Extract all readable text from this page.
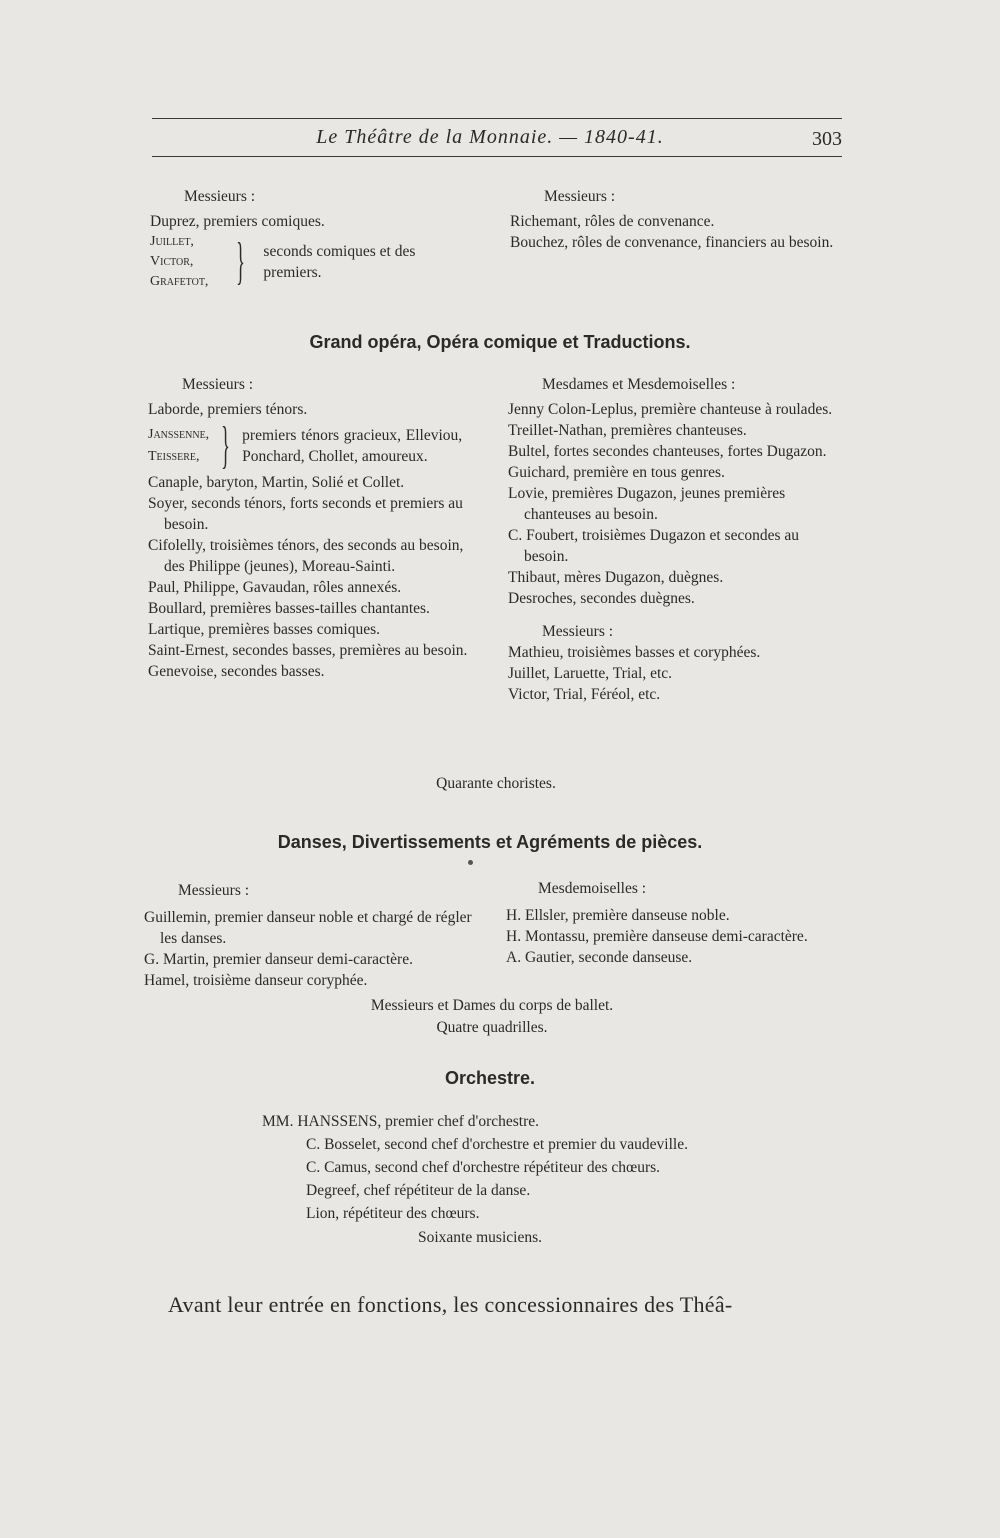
Le Théâtre de la Monnaie. — 1840-41.	303

Messieurs :

Duprez, premiers comiques.

Juillet,
Victor,
Grafetot, }	seconds comiques et des premiers.

Messieurs :

Richemant, rôles de convenance.

Bouchez, rôles de convenance, financiers au besoin.

Grand opéra, Opéra comique et Traductions.

Messieurs :

Laborde, premiers ténors.

Janssenne,
Teissere, } premiers ténors gracieux, Elleviou, Ponchard, Chollet, amoureux.

Canaple, baryton, Martin, Solié et Collet.

Soyer, seconds ténors, forts seconds et premiers au besoin.

Cifolelly, troisièmes ténors, des seconds au besoin, des Philippe (jeunes), Moreau-Sainti.

Paul, Philippe, Gavaudan, rôles annexés.

Boullard, premières basses-tailles chantantes.

Lartique, premières basses comiques.

Saint-Ernest, secondes basses, premières au besoin.

Genevoise, secondes basses.

Mesdames et Mesdemoiselles :

Jenny Colon-Leplus, première chanteuse à roulades.

Treillet-Nathan, premières chanteuses.

Bultel, fortes secondes chanteuses, fortes Dugazon.

Guichard, première en tous genres.

Lovie, premières Dugazon, jeunes premières chanteuses au besoin.

C. Foubert, troisièmes Dugazon et secondes au besoin.

Thibaut, mères Dugazon, duègnes.

Desroches, secondes duègnes.

Messieurs :

Mathieu, troisièmes basses et coryphées.

Juillet, Laruette, Trial, etc.

Victor, Trial, Féréol, etc.

Quarante choristes.
Danses, Divertissements et Agréments de pièces.

Messieurs :

Guillemin, premier danseur noble et chargé de régler les danses.

G. Martin, premier danseur demi-caractère.

Hamel, troisième danseur coryphée.

Mesdemoiselles :

H. Ellsler, première danseuse noble.

H. Montassu, première danseuse demi-caractère.

A. Gautier, seconde danseuse.

Messieurs et Dames du corps de ballet.
Quatre quadrilles.
Orchestre.
MM. HANSSENS, premier chef d'orchestre.
C. Bosselet, second chef d'orchestre et premier du vaudeville.
C. Camus, second chef d'orchestre répétiteur des chœurs.
Degreef, chef répétiteur de la danse.
Lion, répétiteur des chœurs.
Soixante musiciens.
Avant leur entrée en fonctions, les concessionnaires des Théâ-
